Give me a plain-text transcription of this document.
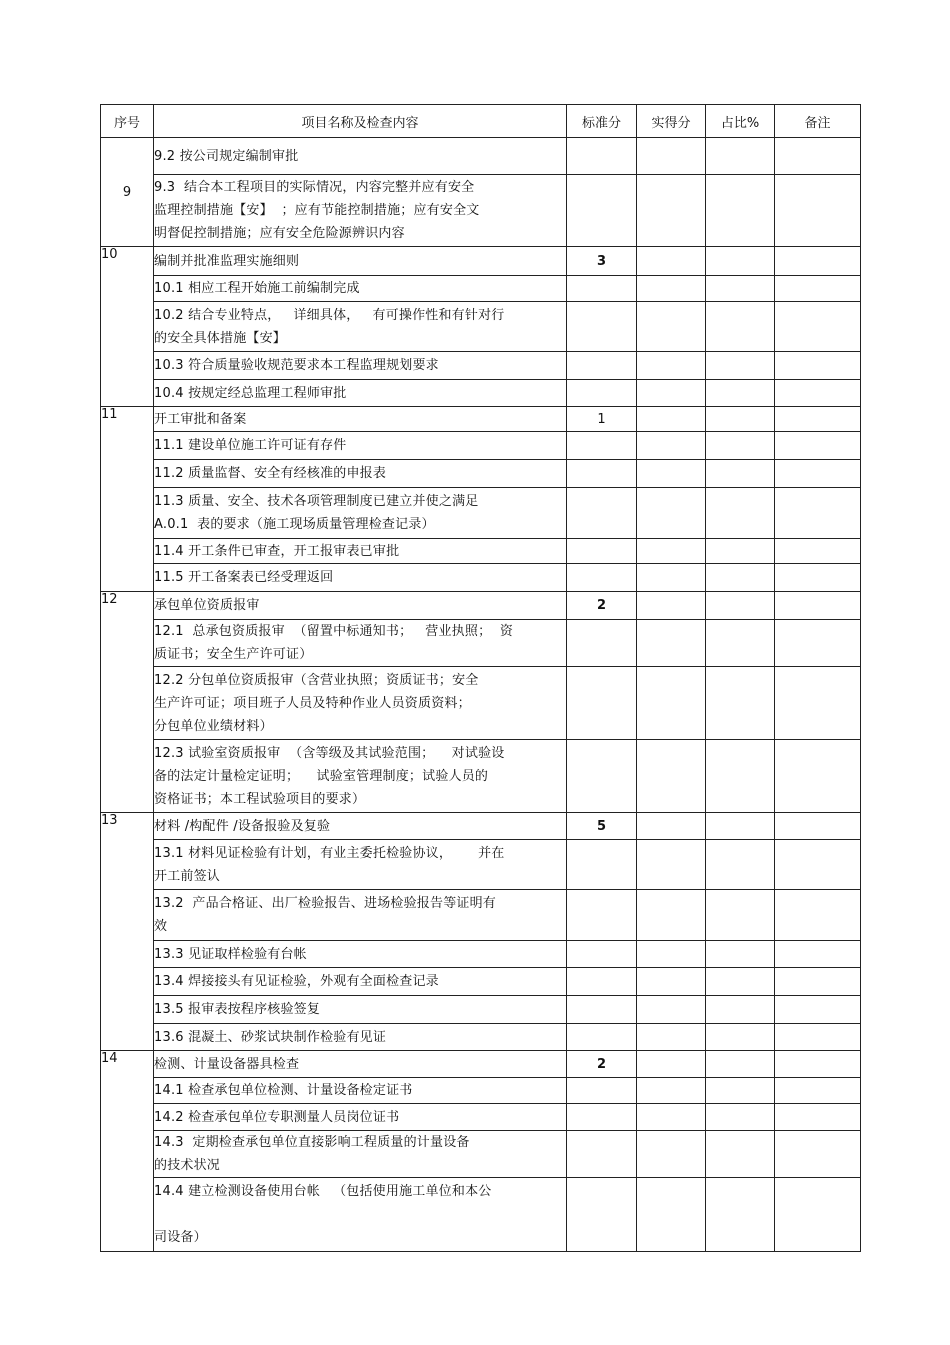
序号	项目名称及检查内容	标准分	实得分	占比%	备注
9	9.2 按公司规定编制审批				
	9.3  结合本工程项目的实际情况，内容完整并应有安全
监理控制措施【安】  ；应有节能控制措施；应有安全文
明督促控制措施；应有安全危险源辨识内容				
10	编制并批准监理实施细则	3			
	10.1 相应工程开始施工前编制完成				
	10.2 结合专业特点，   详细具体，   有可操作性和有针对行
的安全具体措施【安】				
	10.3 符合质量验收规范要求本工程监理规划要求				
	10.4 按规定经总监理工程师审批				
11	开工审批和备案	1			
	11.1 建设单位施工许可证有存件				
	11.2 质量监督、安全有经核准的申报表				
	11.3 质量、安全、技术各项管理制度已建立并使之满足
A.0.1  表的要求（施工现场质量管理检查记录）				
	11.4 开工条件已审查，开工报审表已审批				
	11.5 开工备案表已经受理返回				
12	承包单位资质报审	2			
	12.1  总承包资质报审  （留置中标通知书；   营业执照；  资
质证书；安全生产许可证）				
	12.2 分包单位资质报审（含营业执照；资质证书；安全
生产许可证；项目班子人员及特种作业人员资质资料；
分包单位业绩材料）				
	12.3 试验室资质报审  （含等级及其试验范围；    对试验设
备的法定计量检定证明；    试验室管理制度；试验人员的
资格证书；本工程试验项目的要求）				
13	材料 /构配件 /设备报验及复验	5			
	13.1 材料见证检验有计划，有业主委托检验协议，      并在
开工前签认				
	13.2  产品合格证、出厂检验报告、进场检验报告等证明有
效				
	13.3 见证取样检验有台帐				
	13.4 焊接接头有见证检验，外观有全面检查记录				
	13.5 报审表按程序核验签复				
	13.6 混凝土、砂浆试块制作检验有见证				
14	检测、计量设备器具检查	2			
	14.1 检查承包单位检测、计量设备检定证书				
	14.2 检查承包单位专职测量人员岗位证书				
	14.3  定期检查承包单位直接影响工程质量的计量设备
的技术状况				
	14.4 建立检测设备使用台帐   （包括使用施工单位和本公

司设备）				
